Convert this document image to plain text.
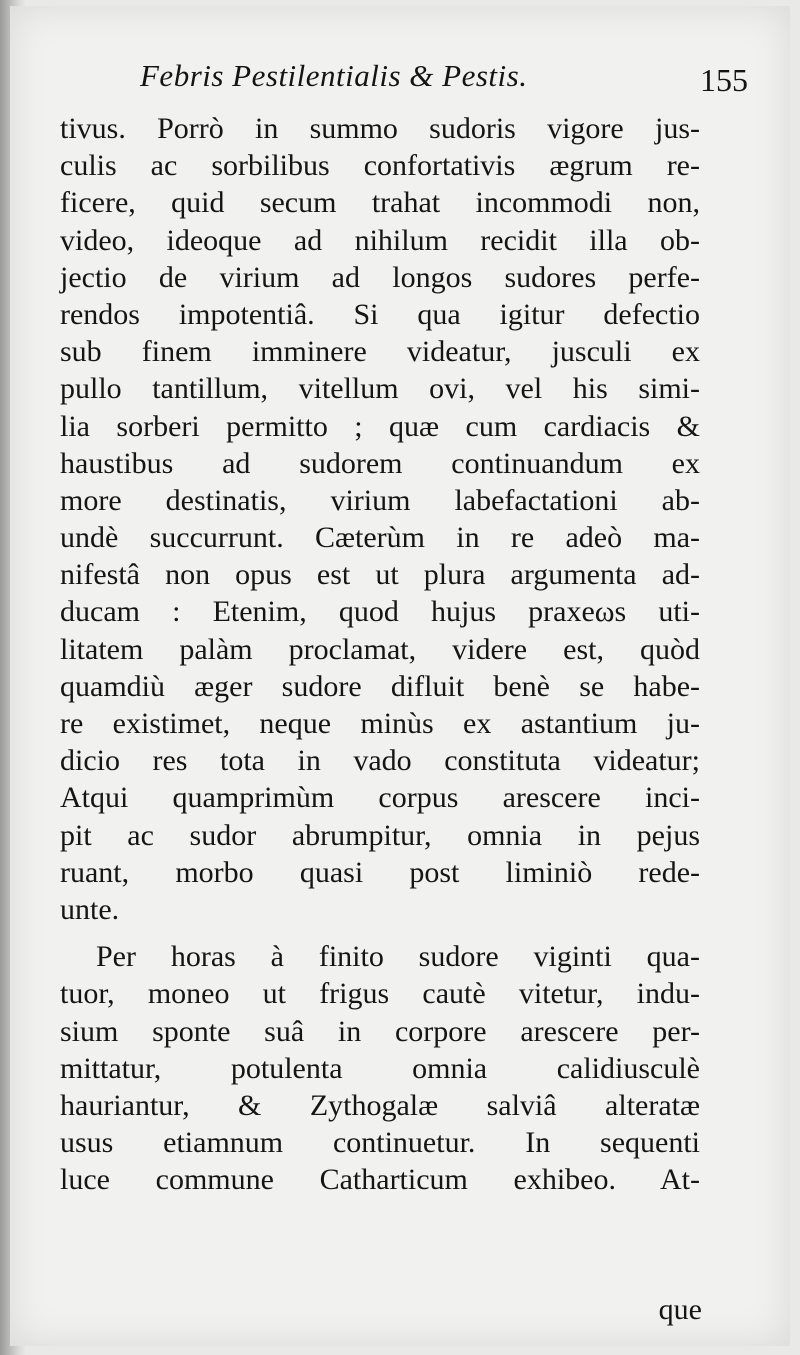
Febris Pestilentialis & Pestis.	155
tivus. Porrò in summo sudoris vigore jus-
culis ac sorbilibus confortativis ægrum re-
ficere, quid secum trahat incommodi non,
video, ideoque ad nihilum recidit illa ob-
jectio de virium ad longos sudores perfe-
rendos impotentiâ. Si qua igitur defectio
sub finem imminere videatur, jusculi ex
pullo tantillum, vitellum ovi, vel his simi-
lia sorberi permitto ; quæ cum cardiacis &
haustibus ad sudorem continuandum ex
more destinatis, virium labefactationi ab-
undè succurrunt. Cæterùm in re adeò ma-
nifestâ non opus est ut plura argumenta ad-
ducam : Etenim, quod hujus praxeωs uti-
litatem palàm proclamat, videre est, quòd
quamdiù æger sudore difluit benè se habe-
re existimet, neque minùs ex astantium ju-
dicio res tota in vado constituta videatur;
Atqui quamprimùm corpus arescere inci-
pit ac sudor abrumpitur, omnia in pejus
ruant, morbo quasi post liminiò rede-
unte.
Per horas à finito sudore viginti qua-
tuor, moneo ut frigus cautè vitetur, indu-
sium sponte suâ in corpore arescere per-
mittatur, potulenta omnia calidiusculè
hauriantur, & Zythogalæ salviâ alteratæ
usus etiamnum continuetur. In sequenti
luce commune Catharticum exhibeo. At-
que
